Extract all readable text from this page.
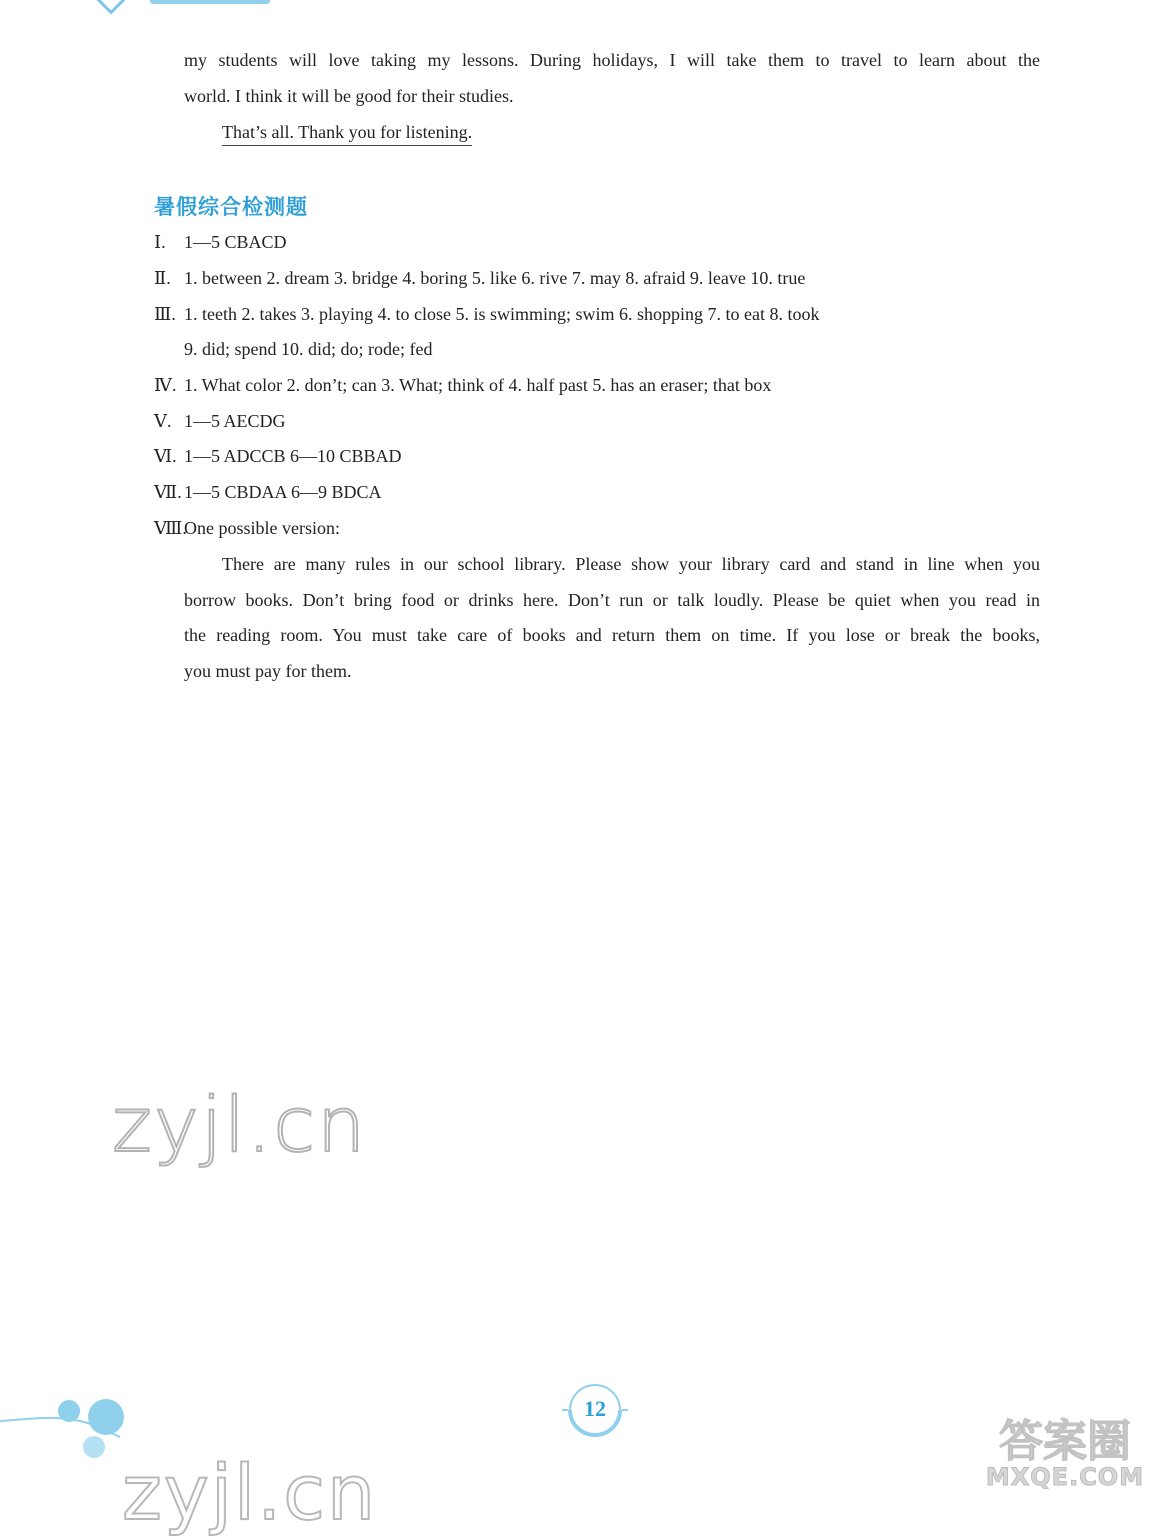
my students will love taking my lessons. During holidays, I will take them to travel to learn about the
world. I think it will be good for their studies.
That’s all. Thank you for listening.
暑假综合检测题
Ⅰ. 1—5 CBACD
Ⅱ. 1. between 2. dream 3. bridge 4. boring 5. like 6. rive 7. may 8. afraid 9. leave 10. true
Ⅲ. 1. teeth 2. takes 3. playing 4. to close 5. is swimming; swim 6. shopping 7. to eat 8. took
9. did; spend 10. did; do; rode; fed
Ⅳ. 1. What color 2. don’t; can 3. What; think of 4. half past 5. has an eraser; that box
Ⅴ. 1—5 AECDG
Ⅵ. 1—5 ADCCB 6—10 CBBAD
Ⅶ. 1—5 CBDAA 6—9 BDCA
Ⅷ.One possible version:
There are many rules in our school library. Please show your library card and stand in line when you
borrow books. Don’t bring food or drinks here. Don’t run or talk loudly. Please be quiet when you read in
the reading room. You must take care of books and return them on time. If you lose or break the books,
you must pay for them.
zyjl.cn
zyjl.cn
12
答案圈
MXQE.COM
